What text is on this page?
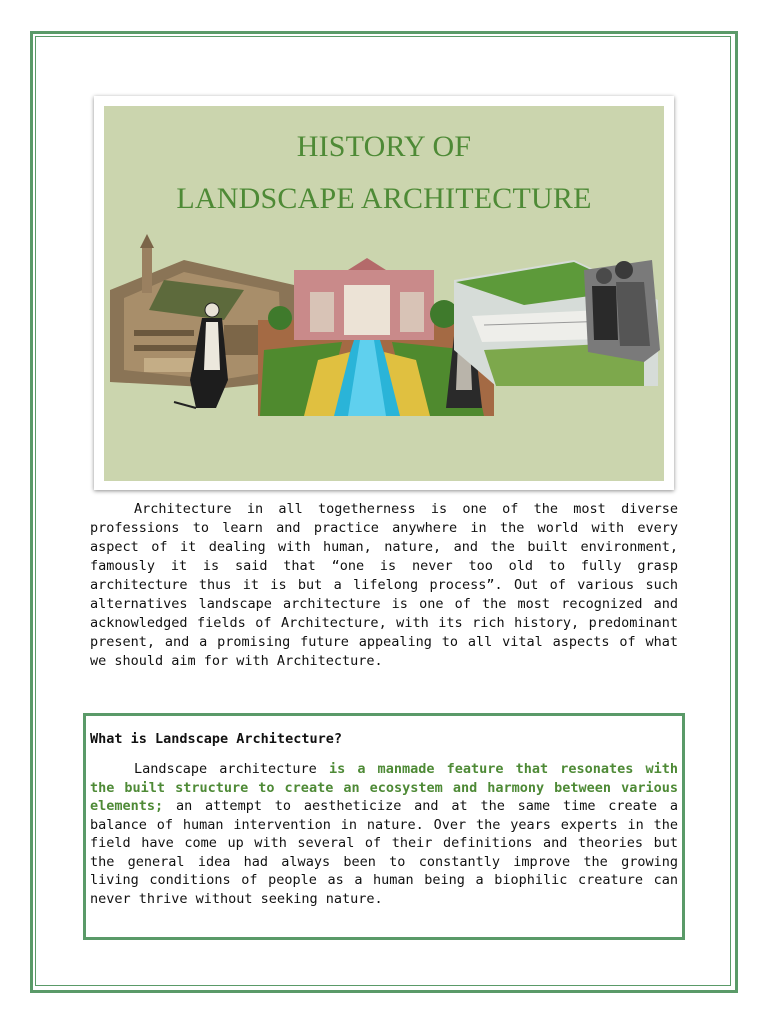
HISTORY OF
LANDSCAPE ARCHITECTURE

Architecture in all togetherness is one of the most diverse professions to learn and practice anywhere in the world with every aspect of it dealing with human, nature, and the built environment, famously it is said that “one is never too old to fully grasp architecture thus it is but a lifelong process”. Out of various such alternatives landscape architecture is one of the most recognized and acknowledged fields of Architecture, with its rich history, predominant present, and a promising future appealing to all vital aspects of what we should aim for with Architecture.

What is Landscape Architecture?

Landscape architecture is a manmade feature that resonates with the built structure to create an ecosystem and harmony between various elements; an attempt to aestheticize and at the same time create a balance of human intervention in nature. Over the years experts in the field have come up with several of their definitions and theories but the general idea had always been to constantly improve the growing living conditions of people as a human being a biophilic creature can never thrive without seeking nature.
